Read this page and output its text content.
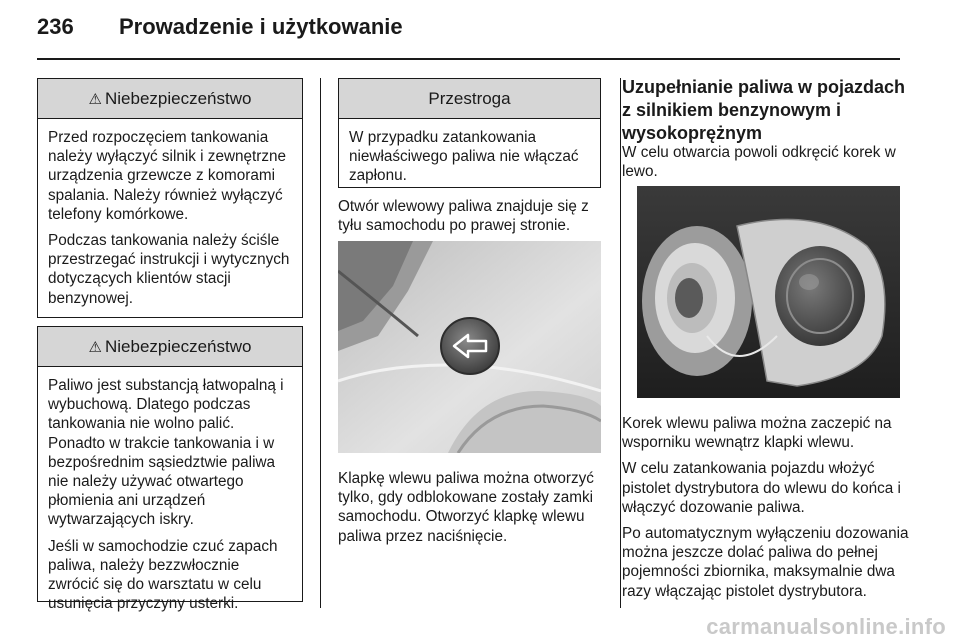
236 Prowadzenie i użytkowanie
⚠ Niebezpieczeństwo

Przed rozpoczęciem tankowania należy wyłączyć silnik i zewnętrzne urządzenia grzewcze z komorami spalania. Należy również wyłączyć telefony komórkowe.

Podczas tankowania należy ściśle przestrzegać instrukcji i wytycznych dotyczących klientów stacji benzynowej.

⚠ Niebezpieczeństwo

Paliwo jest substancją łatwopalną i wybuchową. Dlatego podczas tankowania nie wolno palić. Ponadto w trakcie tankowania i w bezpośrednim sąsiedztwie paliwa nie należy używać otwartego płomienia ani urządzeń wytwarzających iskry.

Jeśli w samochodzie czuć zapach paliwa, należy bezzwłocznie zwrócić się do warsztatu w celu usunięcia przyczyny usterki.

Przestroga

W przypadku zatankowania niewłaściwego paliwa nie włączać zapłonu.

Otwór wlewowy paliwa znajduje się z tyłu samochodu po prawej stronie.

Klapkę wlewu paliwa można otworzyć tylko, gdy odblokowane zostały zamki samochodu. Otworzyć klapkę wlewu paliwa przez naciśnięcie.

Uzupełnianie paliwa w pojazdach z silnikiem benzynowym i wysokoprężnym

W celu otwarcia powoli odkręcić korek w lewo.

Korek wlewu paliwa można zaczepić na wsporniku wewnątrz klapki wlewu.

W celu zatankowania pojazdu włożyć pistolet dystrybutora do wlewu do końca i włączyć dozowanie paliwa.

Po automatycznym wyłączeniu dozowania można jeszcze dolać paliwa do pełnej pojemności zbiornika, maksymalnie dwa razy włączając pistolet dystrybutora.

carmanualsonline.info
